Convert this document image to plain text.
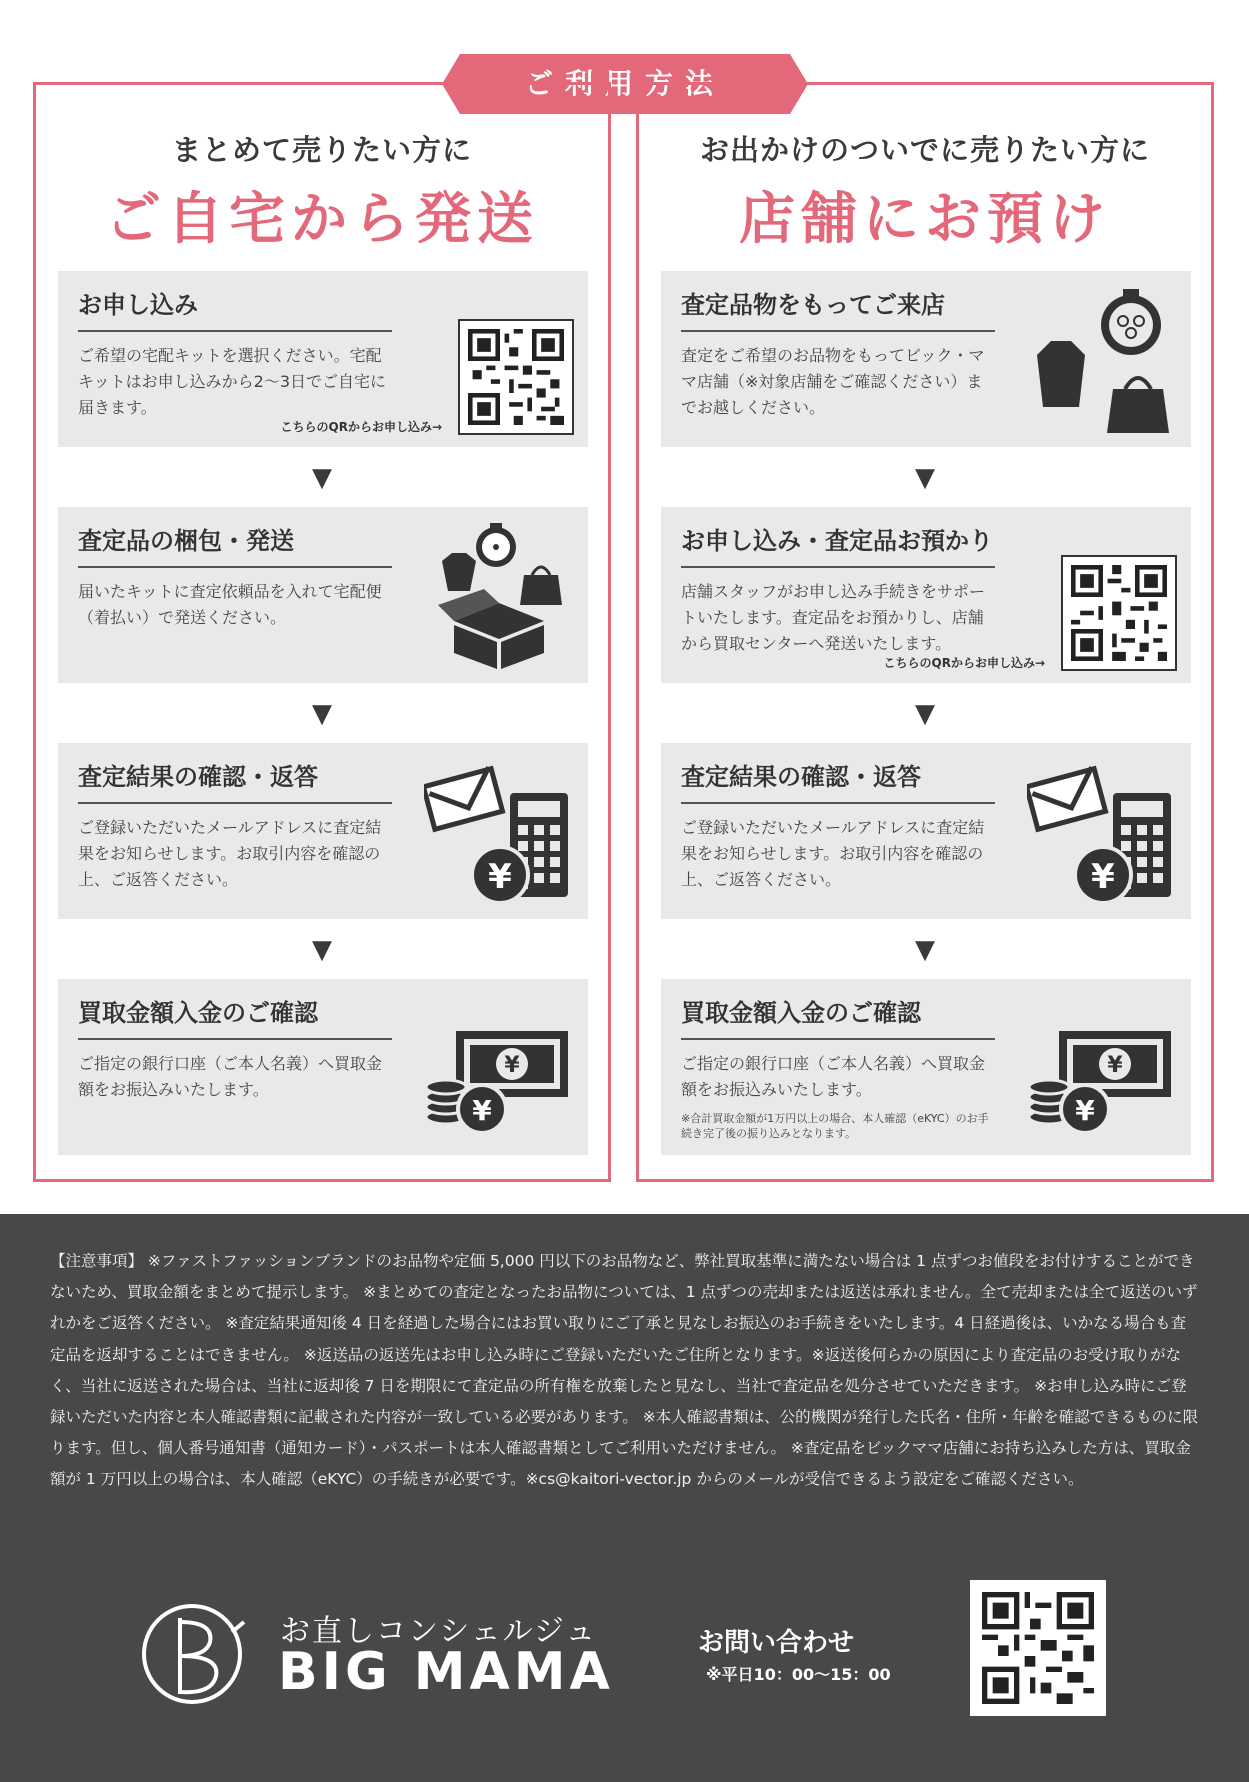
ご利用方法
まとめて売りたい方に
ご自宅から発送
お申し込み
ご希望の宅配キットを選択ください。宅配キットはお申し込みから2〜3日でご自宅に届きます。
こちらのQRからお申し込み→
▼
査定品の梱包・発送
届いたキットに査定依頼品を入れて宅配便（着払い）で発送ください。
▼
査定結果の確認・返答
ご登録いただいたメールアドレスに査定結果をお知らせします。お取引内容を確認の上、ご返答ください。	¥
▼
買取金額入金のご確認
ご指定の銀行口座（ご本人名義）へ買取金額をお振込みいたします。
¥
¥
お出かけのついでに売りたい方に
店舗にお預け
査定品物をもってご来店
査定をご希望のお品物をもってビック・ママ店舗（※対象店舗をご確認ください）までお越しください。
▼
お申し込み・査定品お預かり
店舗スタッフがお申し込み手続きをサポートいたします。査定品をお預かりし、店舗から買取センターへ発送いたします。
こちらのQRからお申し込み→
▼
査定結果の確認・返答
ご登録いただいたメールアドレスに査定結果をお知らせします。お取引内容を確認の上、ご返答ください。	¥
▼
買取金額入金のご確認
ご指定の銀行口座（ご本人名義）へ買取金額をお振込みいたします。
※合計買取金額が1万円以上の場合、本人確認（eKYC）のお手続き完了後の振り込みとなります。
¥
¥
【注意事項】 ※ファストファッションブランドのお品物や定価 5,000 円以下のお品物など、弊社買取基準に満たない場合は 1 点ずつお値段をお付けすることができないため、買取金額をまとめて提示します。 ※まとめての査定となったお品物については、1 点ずつの売却または返送は承れません。全て売却または全て返送のいずれかをご返答ください。 ※査定結果通知後 4 日を経過した場合にはお買い取りにご了承と見なしお振込のお手続きをいたします。4 日経過後は、いかなる場合も査定品を返却することはできません。 ※返送品の返送先はお申し込み時にご登録いただいたご住所となります。※返送後何らかの原因により査定品のお受け取りがなく、当社に返送された場合は、当社に返却後 7 日を期限にて査定品の所有権を放棄したと見なし、当社で査定品を処分させていただきます。 ※お申し込み時にご登録いただいた内容と本人確認書類に記載された内容が一致している必要があります。 ※本人確認書類は、公的機関が発行した氏名・住所・年齢を確認できるものに限ります。但し、個人番号通知書（通知カード）・パスポートは本人確認書類としてご利用いただけません。 ※査定品をビックママ店舗にお持ち込みした方は、買取金額が 1 万円以上の場合は、本人確認（eKYC）の手続きが必要です。※cs@kaitori-vector.jp からのメールが受信できるよう設定をご確認ください。
お直しコンシェルジュ
BIG MAMA	お問い合わせ
※平日10：00〜15：00
